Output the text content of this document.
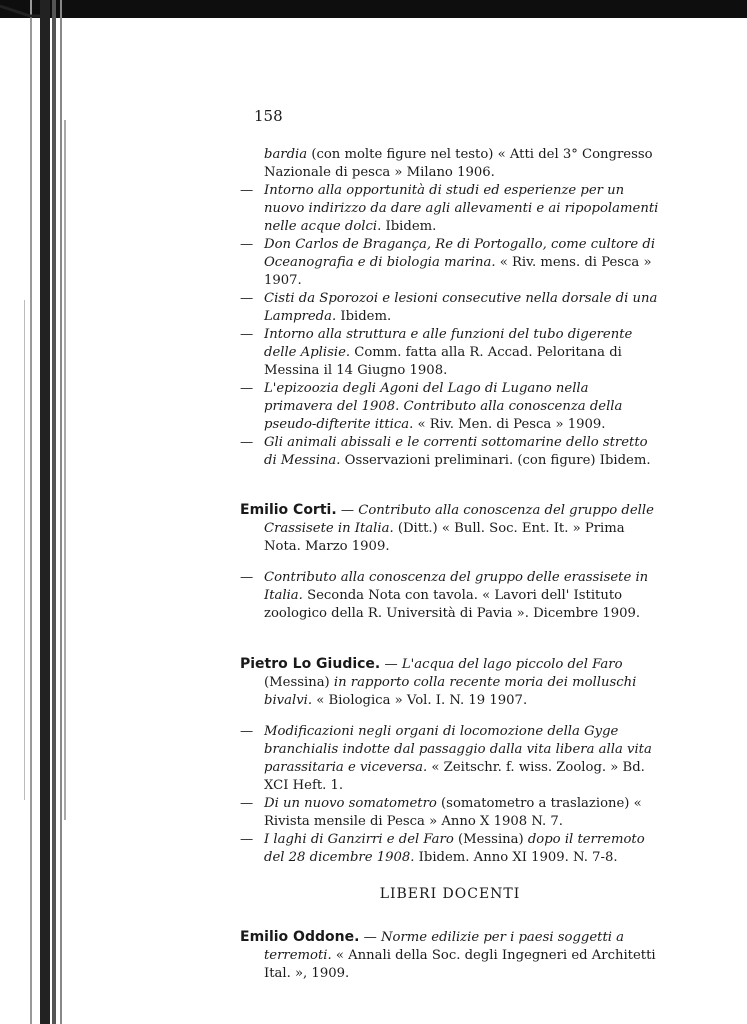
158

bardia (con molte figure nel testo) « Atti del 3° Congresso Nazionale di pesca » Milano 1906.

— Intorno alla opportunità di studi ed esperienze per un nuovo indirizzo da dare agli allevamenti e ai ripopolamenti nelle acque dolci. Ibidem.

— Don Carlos de Bragança, Re di Portogallo, come cultore di Oceanografia e di biologia marina. « Riv. mens. di Pesca » 1907.

— Cisti da Sporozoi e lesioni consecutive nella dorsale di una Lampreda. Ibidem.

— Intorno alla struttura e alle funzioni del tubo digerente delle Aplisie. Comm. fatta alla R. Accad. Peloritana di Messina il 14 Giugno 1908.

— L'epizoozia degli Agoni del Lago di Lugano nella primavera del 1908. Contributo alla conoscenza della pseudo-difterite ittica. « Riv. Men. di Pesca » 1909.

— Gli animali abissali e le correnti sottomarine dello stretto di Messina. Osservazioni preliminari. (con figure) Ibidem.

Emilio Corti. — Contributo alla conoscenza del gruppo delle Crassisete in Italia. (Ditt.) « Bull. Soc. Ent. It. » Prima Nota. Marzo 1909.

— Contributo alla conoscenza del gruppo delle erassisete in Italia. Seconda Nota con tavola. « Lavori dell' Istituto zoologico della R. Università di Pavia ». Dicembre 1909.

Pietro Lo Giudice. — L'acqua del lago piccolo del Faro (Messina) in rapporto colla recente moria dei molluschi bivalvi. « Biologica » Vol. I. N. 19 1907.

— Modificazioni negli organi di locomozione della Gyge branchialis indotte dal passaggio dalla vita libera alla vita parassitaria e viceversa. « Zeitschr. f. wiss. Zoolog. » Bd. XCI Heft. 1.

— Di un nuovo somatometro (somatometro a traslazione) « Rivista mensile di Pesca » Anno X 1908 N. 7.

— I laghi di Ganzirri e del Faro (Messina) dopo il terremoto del 28 dicembre 1908. Ibidem. Anno XI 1909. N. 7-8.

LIBERI DOCENTI

Emilio Oddone. — Norme edilizie per i paesi soggetti a terremoti. « Annali della Soc. degli Ingegneri ed Architetti Ital. », 1909.
